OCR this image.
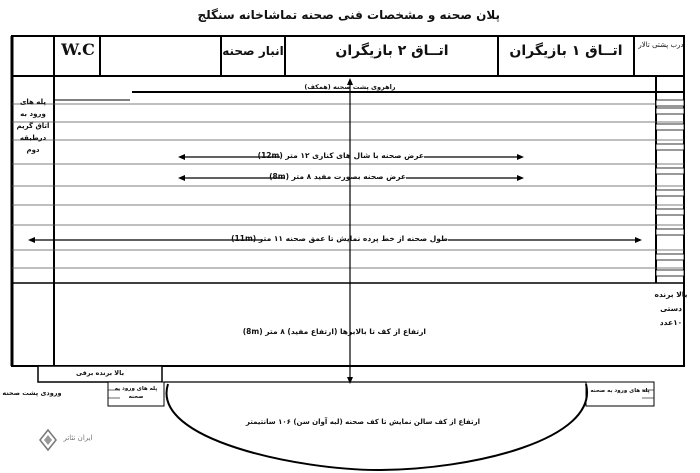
پلان صحنه و مشخصات فنی صحنه تماشاخانه سنگلج
W.C	انبار صحنه	اتــاق ۲ بازیگران	اتــاق ۱ بازیگران	درب پشتی تالار
راهروی پشت صحنه (همکف)
پله های
ورود به
اتاق گریم
درطبقه دوم
عرض صحنه با شال های کناری ۱۲ متر (12m)
عرض صحنه بصورت مفید ۸ متر (8m)
طول صحنه از خط پرده نمایش تا عمق صحنه ۱۱ متر (11m)
ارتفاع از کف تا بالابرها (ارتفاع مفید) ۸ متر (8m)
ارتفاع از کف سالن نمایش تا کف صحنه (لبه آوان سن) ۱۰۶ سانتیمتر
بالا برنده
دستی
۱۰عدد
بالا برنده برقی
ورودی پشت صحنه	پله های ورود به صحنه
پله های ورود به صحنه
ایران تئاتر
